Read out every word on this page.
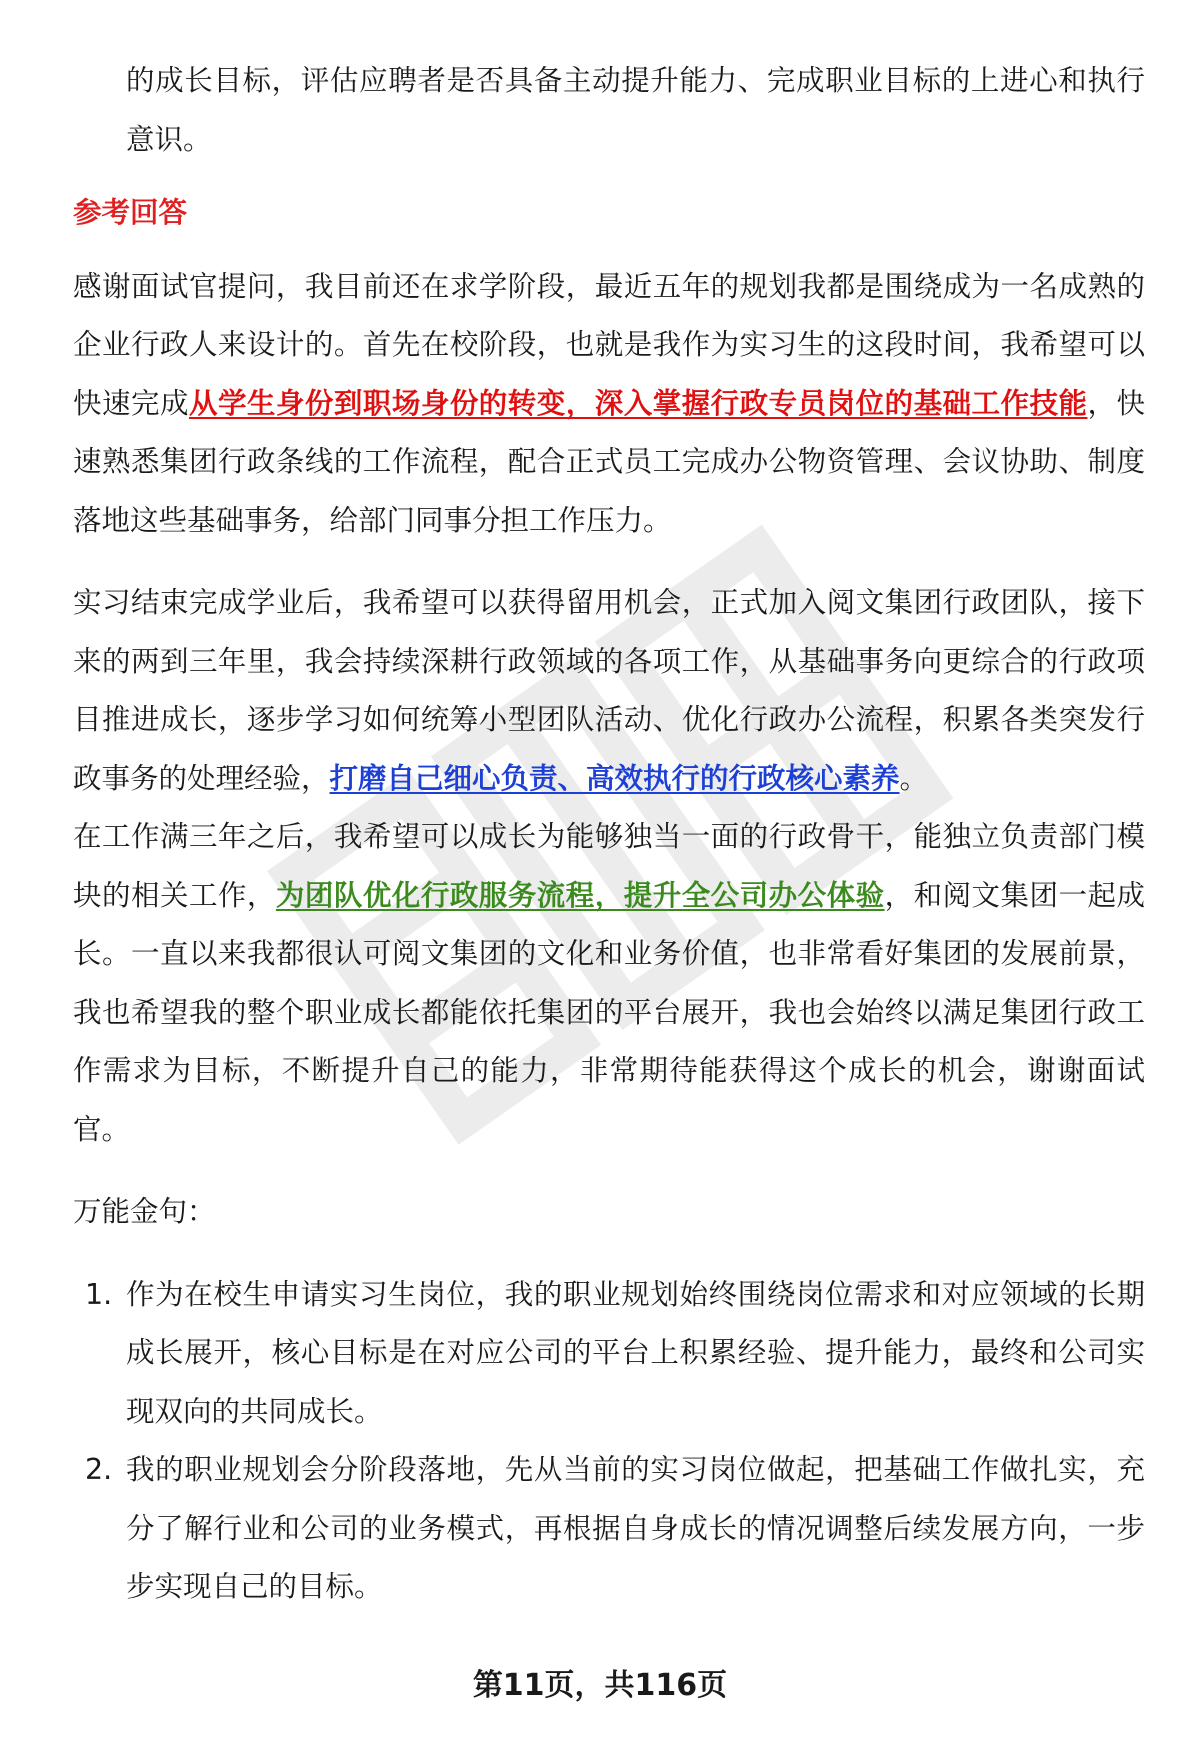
的成长目标，评估应聘者是否具备主动提升能力、完成职业目标的上进心和执行意识。

参考回答

感谢面试官提问，我目前还在求学阶段，最近五年的规划我都是围绕成为一名成熟的企业行政人来设计的。首先在校阶段，也就是我作为实习生的这段时间，我希望可以快速完成从学生身份到职场身份的转变，深入掌握行政专员岗位的基础工作技能，快速熟悉集团行政条线的工作流程，配合正式员工完成办公物资管理、会议协助、制度落地这些基础事务，给部门同事分担工作压力。

实习结束完成学业后，我希望可以获得留用机会，正式加入阅文集团行政团队，接下来的两到三年里，我会持续深耕行政领域的各项工作，从基础事务向更综合的行政项目推进成长，逐步学习如何统筹小型团队活动、优化行政办公流程，积累各类突发行政事务的处理经验，打磨自己细心负责、高效执行的行政核心素养。

在工作满三年之后，我希望可以成长为能够独当一面的行政骨干，能独立负责部门模块的相关工作，为团队优化行政服务流程，提升全公司办公体验，和阅文集团一起成长。一直以来我都很认可阅文集团的文化和业务价值，也非常看好集团的发展前景，我也希望我的整个职业成长都能依托集团的平台展开，我也会始终以满足集团行政工作需求为目标，不断提升自己的能力，非常期待能获得这个成长的机会，谢谢面试官。

万能金句：

1. 作为在校生申请实习生岗位，我的职业规划始终围绕岗位需求和对应领域的长期成长展开，核心目标是在对应公司的平台上积累经验、提升能力，最终和公司实现双向的共同成长。
2. 我的职业规划会分阶段落地，先从当前的实习岗位做起，把基础工作做扎实，充分了解行业和公司的业务模式，再根据自身成长的情况调整后续发展方向，一步步实现自己的目标。
第11页，共116页
